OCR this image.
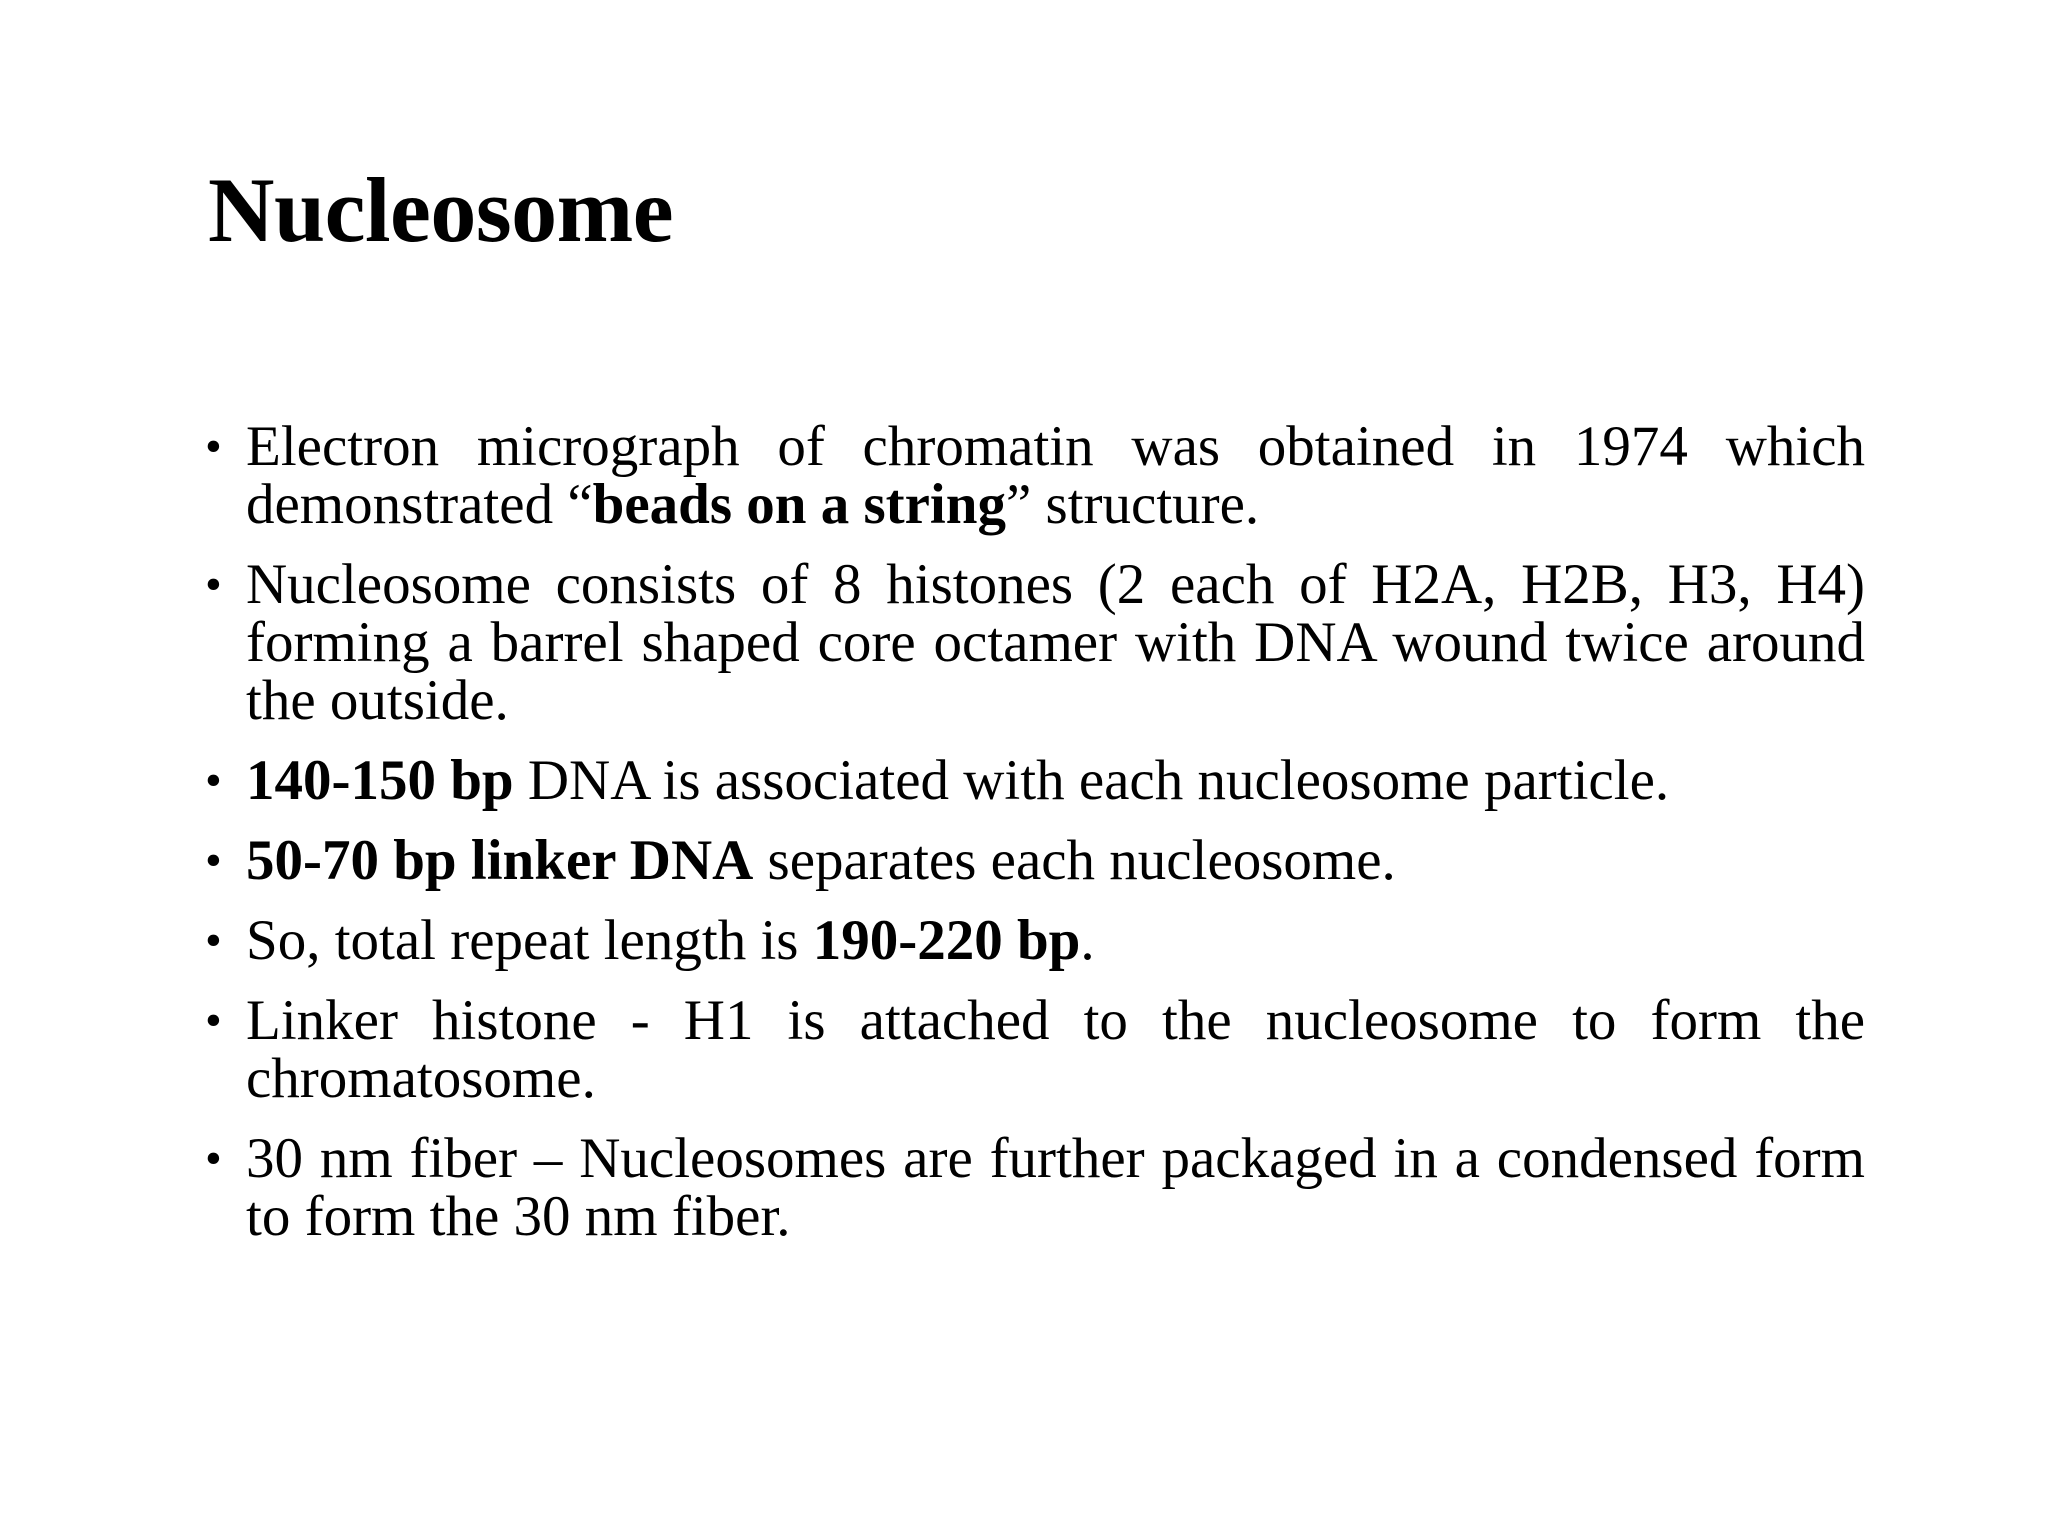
Nucleosome
• Electron micrograph of chromatin was obtained in 1974 which demonstrated “beads on a string” structure.
• Nucleosome consists of 8 histones (2 each of H2A, H2B, H3, H4) forming a barrel shaped core octamer with DNA wound twice around the outside.
• 140-150 bp DNA is associated with each nucleosome particle.
• 50-70 bp linker DNA separates each nucleosome.
• So, total repeat length is 190-220 bp.
• Linker histone - H1 is attached to the nucleosome to form the chromatosome.
• 30 nm fiber – Nucleosomes are further packaged in a condensed form to form the 30 nm fiber.
